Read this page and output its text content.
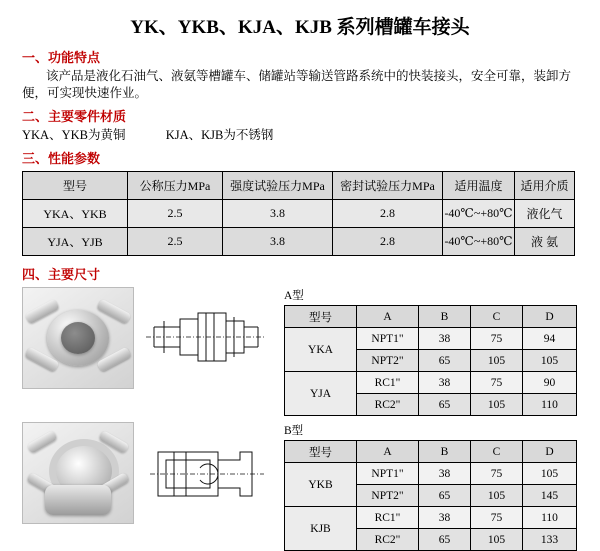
YK、YKB、KJA、KJB 系列槽罐车接头
一、功能特点
该产品是液化石油气、液氨等槽罐车、储罐站等输送管路系统中的快装接头，安全可靠，装卸方便，可实现快速作业。
二、主要零件材质
YKA、YKB为黄铜	KJA、KJB为不锈钢
三、性能参数
型号	公称压力MPa	强度试验压力MPa	密封试验压力MPa	适用温度	适用介质
YKA、YKB	2.5	3.8	2.8	-40℃~+80℃	液化气
YJA、YJB	2.5	3.8	2.8	-40℃~+80℃	液 氨
四、主要尺寸
A型
型号	A	B	C	D
YKA	NPT1"	38	75	94
	NPT2"	65	105	105
YJA	RC1"	38	75	90
	RC2"	65	105	110
B型
型号	A	B	C	D
YKB	NPT1"	38	75	105
	NPT2"	65	105	145
KJB	RC1"	38	75	110
	RC2"	65	105	133
